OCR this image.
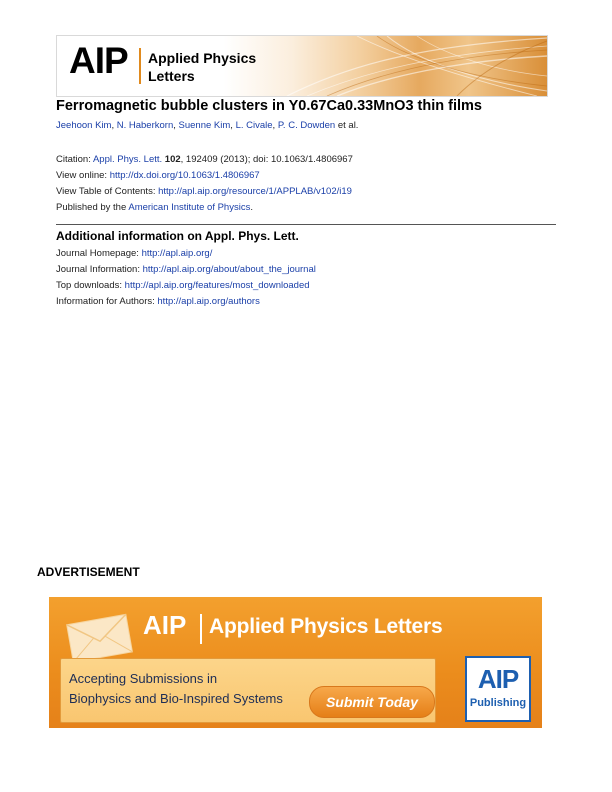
AIP Applied Physics
Letters
Ferromagnetic bubble clusters in Y0.67Ca0.33MnO3 thin films
Jeehoon Kim, N. Haberkorn, Suenne Kim, L. Civale, P. C. Dowden et al.
Citation: Appl. Phys. Lett. 102, 192409 (2013); doi: 10.1063/1.4806967
View online: http://dx.doi.org/10.1063/1.4806967
View Table of Contents: http://apl.aip.org/resource/1/APPLAB/v102/i19
Published by the American Institute of Physics.
Additional information on Appl. Phys. Lett.
Journal Homepage: http://apl.aip.org/
Journal Information: http://apl.aip.org/about/about_the_journal
Top downloads: http://apl.aip.org/features/most_downloaded
Information for Authors: http://apl.aip.org/authors
ADVERTISEMENT
AIP Applied Physics Letters
Accepting Submissions in
Biophysics and Bio-Inspired Systems	Submit Today
AIP
Publishing
